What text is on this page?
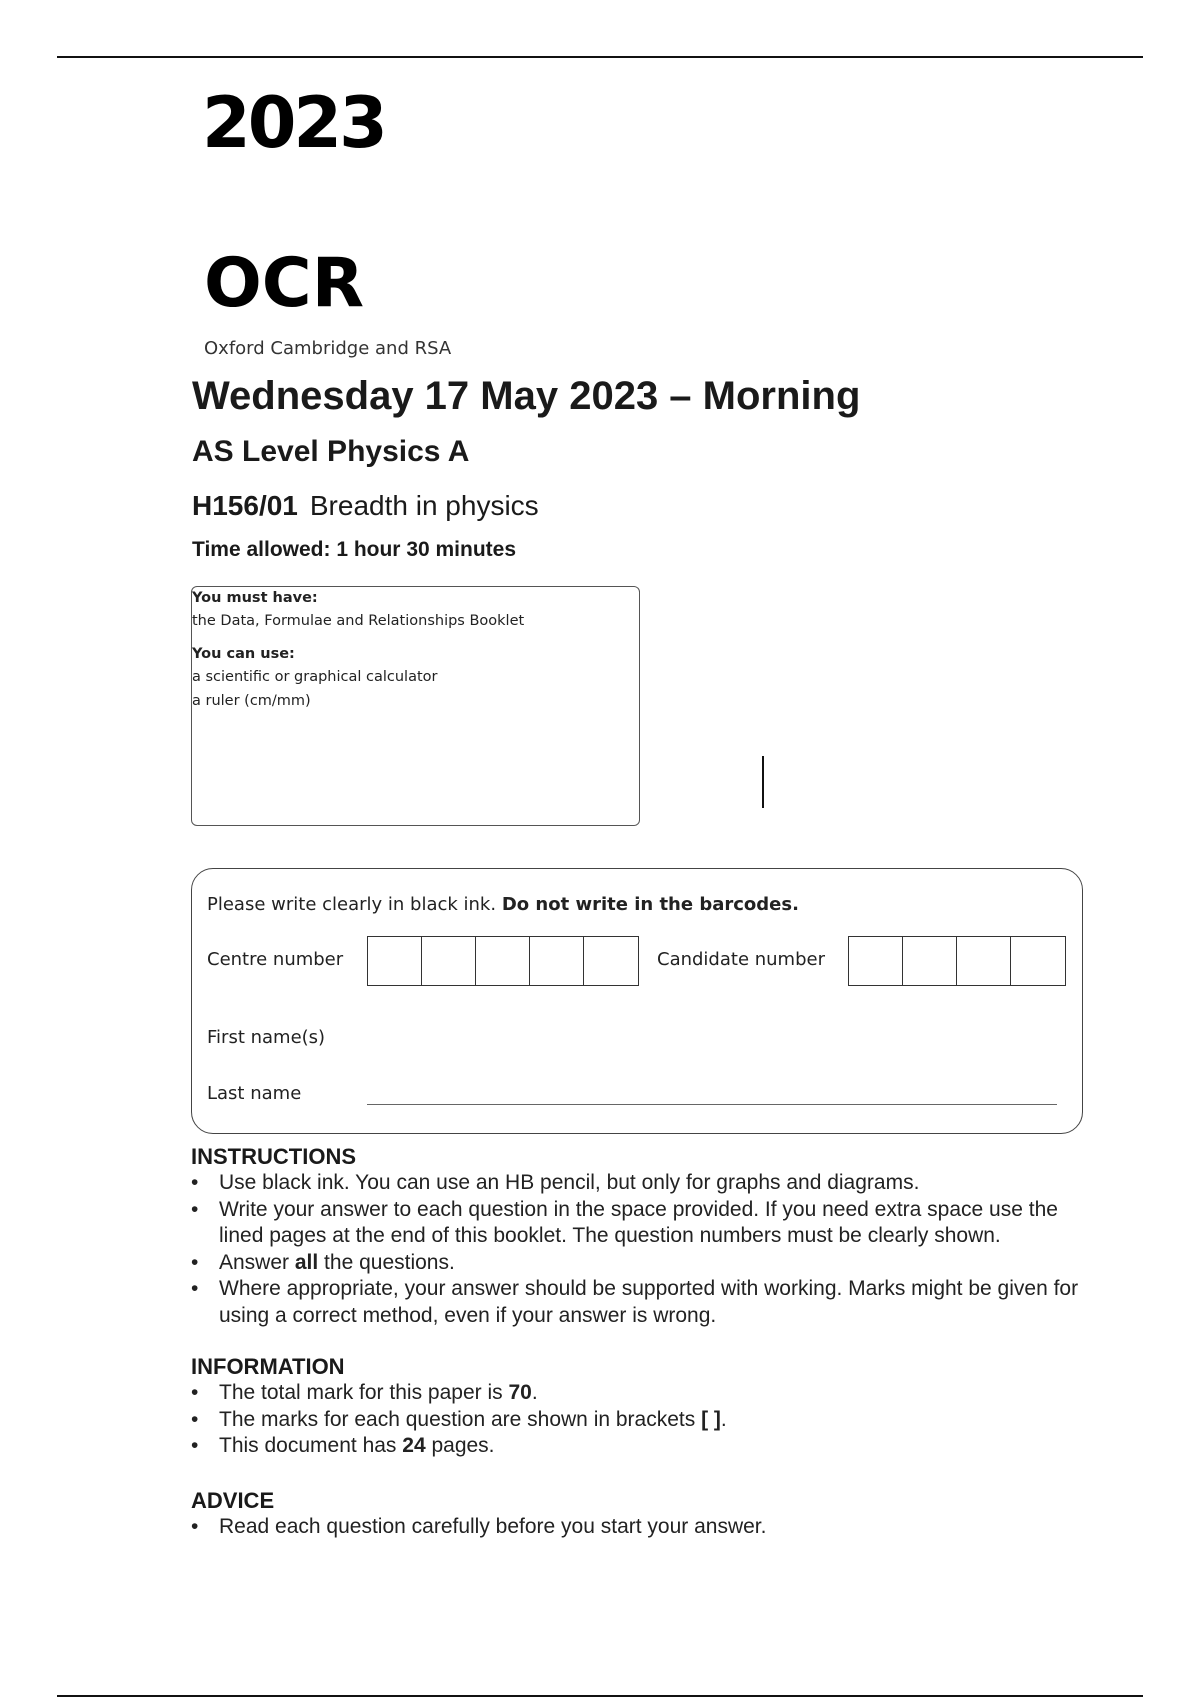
2023
OCR
Oxford Cambridge and RSA
Wednesday 17 May 2023 – Morning
AS Level Physics A
H156/01 Breadth in physics
Time allowed: 1 hour 30 minutes
You must have:
the Data, Formulae and Relationships Booklet
You can use:
a scientific or graphical calculator
a ruler (cm/mm)
Please write clearly in black ink. Do not write in the barcodes.
Centre number	Candidate number
First name(s)
Last name
INSTRUCTIONS
• Use black ink. You can use an HB pencil, but only for graphs and diagrams.
• Write your answer to each question in the space provided. If you need extra space use the lined pages at the end of this booklet. The question numbers must be clearly shown.
• Answer all the questions.
• Where appropriate, your answer should be supported with working. Marks might be given for using a correct method, even if your answer is wrong.
INFORMATION
• The total mark for this paper is 70.
• The marks for each question are shown in brackets [ ].
• This document has 24 pages.
ADVICE
• Read each question carefully before you start your answer.
